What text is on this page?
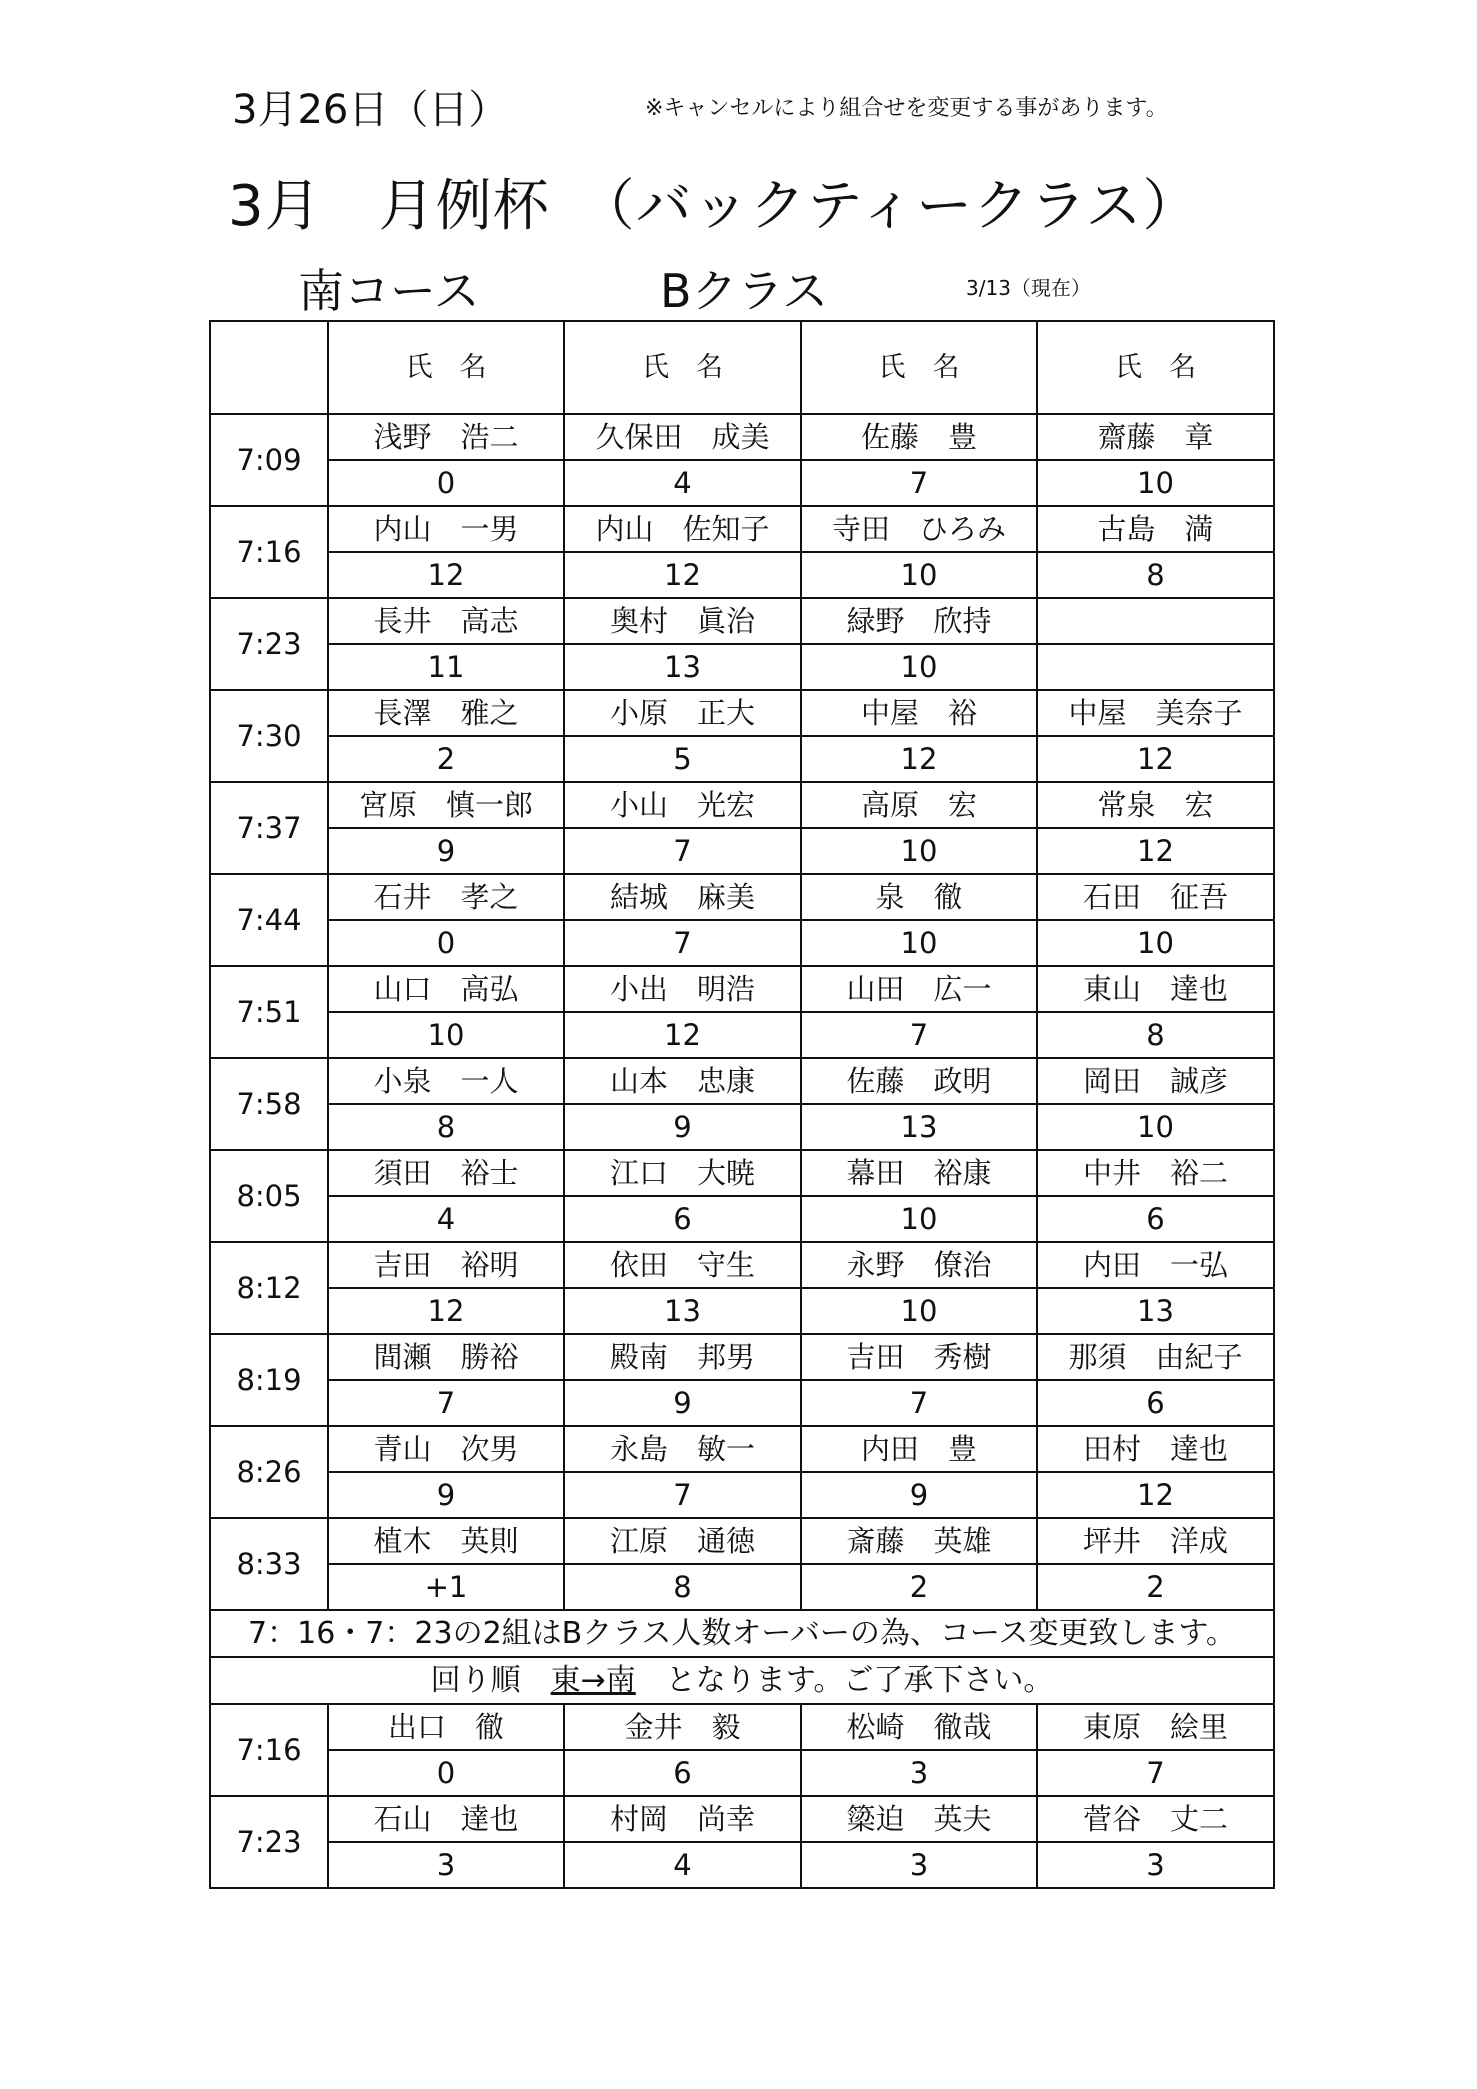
3月26日（日）	※キャンセルにより組合せを変更する事があります。
3月　月例杯　（バックティークラス）
南コース	Bクラス	3/13（現在）
	氏　名	氏　名	氏　名	氏　名
7:09	浅野　浩二	久保田　成美	佐藤　豊	齋藤　章
	0	4	7	10
7:16	内山　一男	内山　佐知子	寺田　ひろみ	古島　満
	12	12	10	8
7:23	長井　高志	奥村　眞治	緑野　欣持	
	11	13	10	
7:30	長澤　雅之	小原　正大	中屋　裕	中屋　美奈子
	2	5	12	12
7:37	宮原　慎一郎	小山　光宏	高原　宏	常泉　宏
	9	7	10	12
7:44	石井　孝之	結城　麻美	泉　徹	石田　征吾
	0	7	10	10
7:51	山口　高弘	小出　明浩	山田　広一	東山　達也
	10	12	7	8
7:58	小泉　一人	山本　忠康	佐藤　政明	岡田　誠彦
	8	9	13	10
8:05	須田　裕士	江口　大暁	幕田　裕康	中井　裕二
	4	6	10	6
8:12	吉田　裕明	依田　守生	永野　僚治	内田　一弘
	12	13	10	13
8:19	間瀬　勝裕	殿南　邦男	吉田　秀樹	那須　由紀子
	7	9	7	6
8:26	青山　次男	永島　敏一	内田　豊	田村　達也
	9	7	9	12
8:33	植木　英則	江原　通徳	斎藤　英雄	坪井　洋成
	+1	8	2	2
7：16・7：23の2組はBクラス人数オーバーの為、コース変更致します。				
回り順　東→南　となります。ご了承下さい。				
7:16	出口　徹	金井　毅	松崎　徹哉	東原　絵里
	0	6	3	7
7:23	石山　達也	村岡　尚幸	簗迫　英夫	菅谷　丈二
	3	4	3	3
